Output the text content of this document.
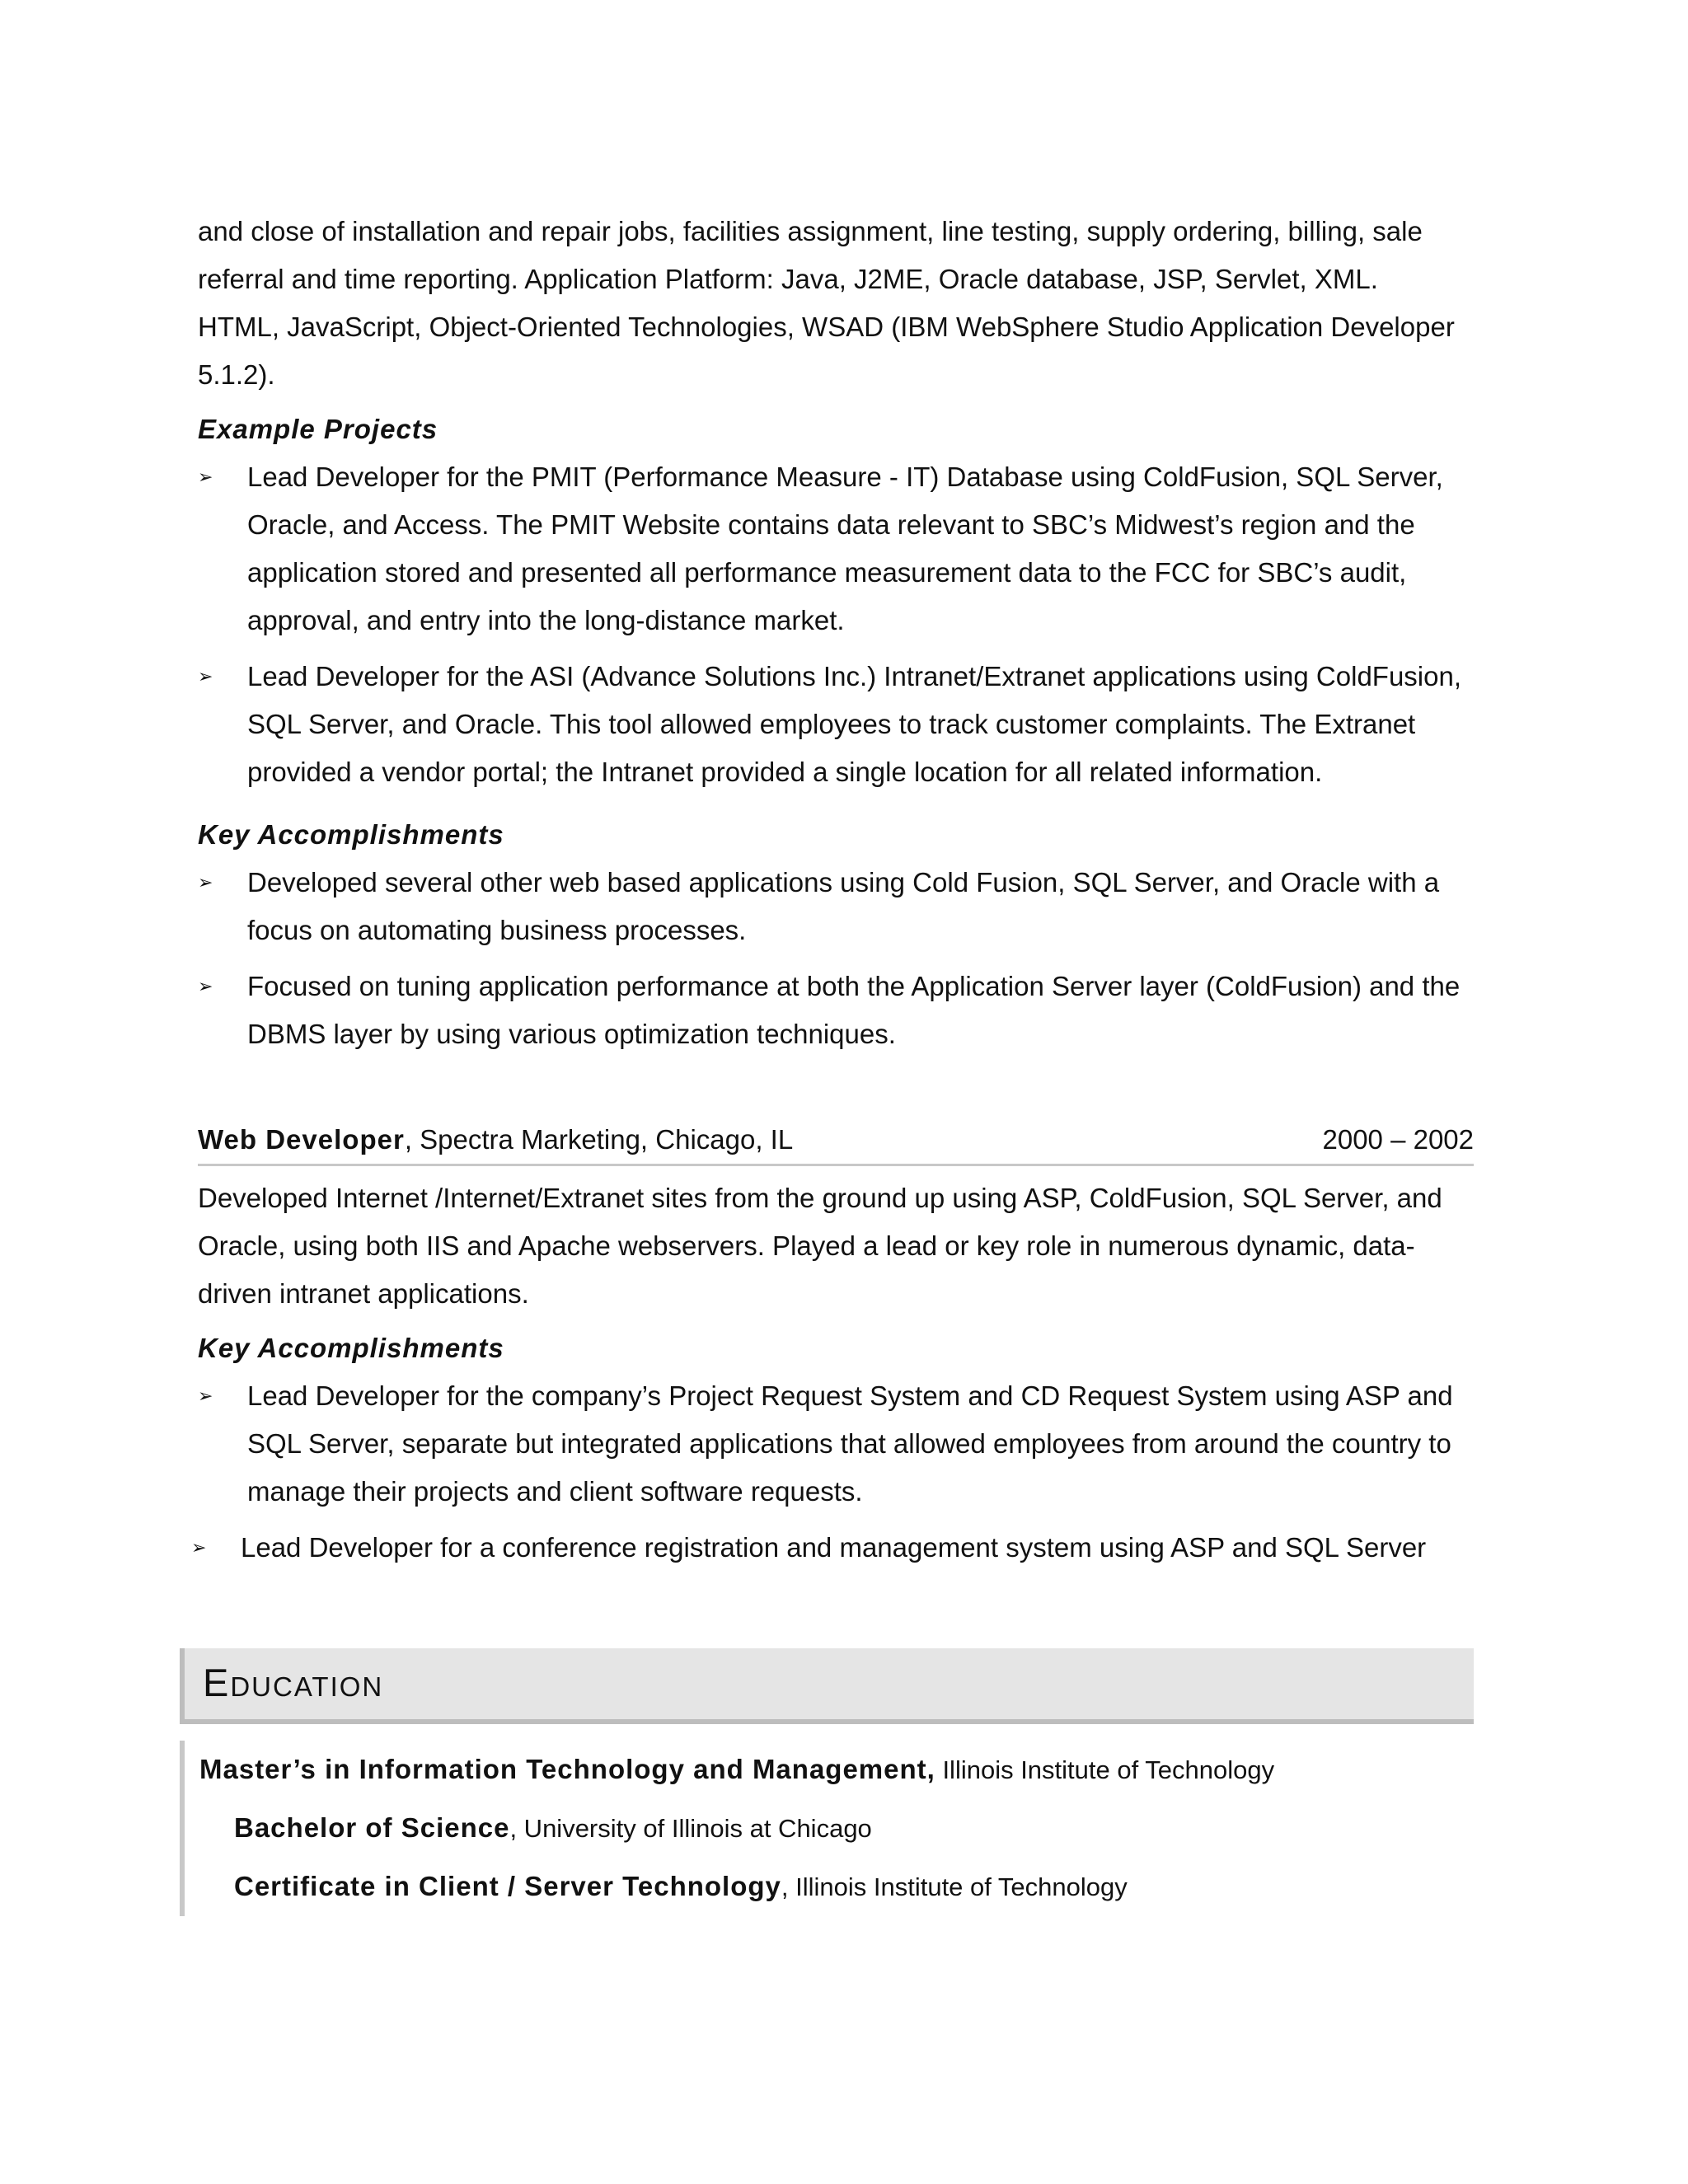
and close of installation and repair jobs, facilities assignment, line testing, supply ordering, billing, sale

referral and time reporting. Application Platform: Java, J2ME, Oracle database, JSP, Servlet, XML.

HTML, JavaScript, Object-Oriented Technologies, WSAD (IBM WebSphere Studio Application Developer

5.1.2).

Example Projects
➢ Lead Developer for the PMIT (Performance Measure - IT) Database using ColdFusion, SQL Server, Oracle, and Access. The PMIT Website contains data relevant to SBC’s Midwest’s region and the application stored and presented all performance measurement data to the FCC for SBC’s audit, approval, and entry into the long-distance market.
➢ Lead Developer for the ASI (Advance Solutions Inc.) Intranet/Extranet applications using ColdFusion, SQL Server, and Oracle. This tool allowed employees to track customer complaints. The Extranet provided a vendor portal; the Intranet provided a single location for all related information.
Key Accomplishments
➢ Developed several other web based applications using Cold Fusion, SQL Server, and Oracle with a focus on automating business processes.
➢ Focused on tuning application performance at both the Application Server layer (ColdFusion) and the DBMS layer by using various optimization techniques.
Web Developer, Spectra Marketing, Chicago, IL	2000 – 2002

Developed Internet /Internet/Extranet sites from the ground up using ASP, ColdFusion, SQL Server, and Oracle, using both IIS and Apache webservers. Played a lead or key role in numerous dynamic, data-driven intranet applications.

Key Accomplishments
➢ Lead Developer for the company’s Project Request System and CD Request System using ASP and SQL Server, separate but integrated applications that allowed employees from around the country to manage their projects and client software requests.
➢ Lead Developer for a conference registration and management system using ASP and SQL Server
Education
Master’s in Information Technology and Management, Illinois Institute of Technology
Bachelor of Science, University of Illinois at Chicago
Certificate in Client / Server Technology, Illinois Institute of Technology
